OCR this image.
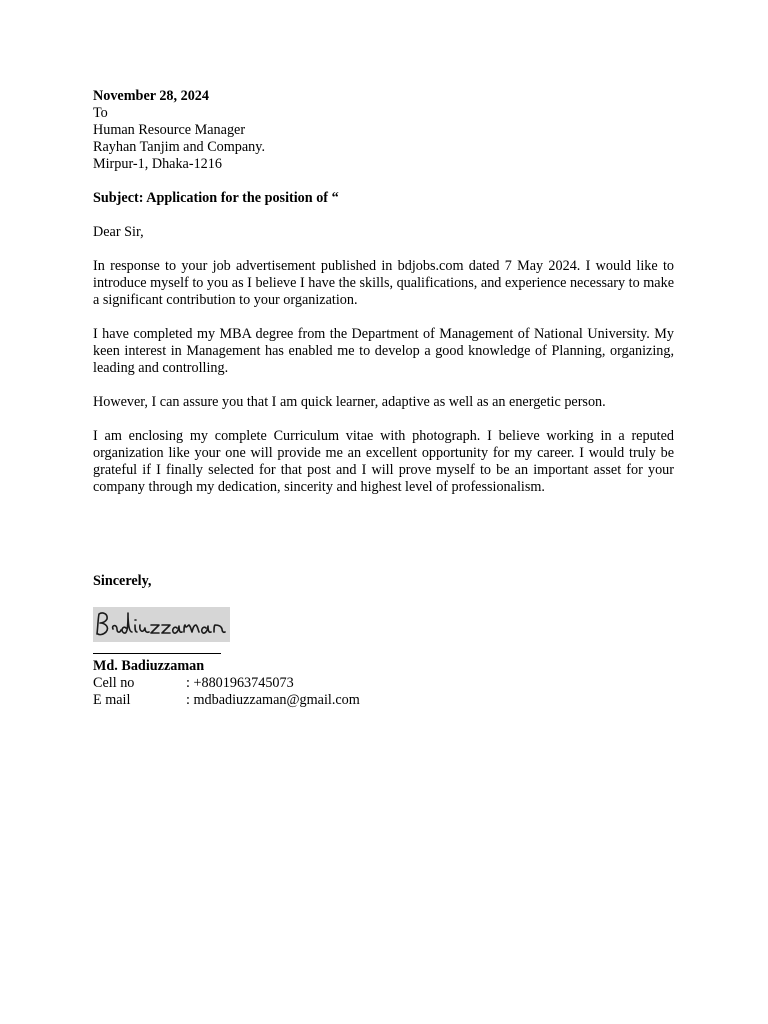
November 28, 2024
To
Human Resource Manager
Rayhan Tanjim and Company.
Mirpur-1, Dhaka-1216
Subject: Application for the position of “
Dear Sir,

In response to your job advertisement published in bdjobs.com dated 7 May 2024. I would like to introduce myself to you as I believe I have the skills, qualifications, and experience necessary to make a significant contribution to your organization.

I have completed my MBA degree from the Department of Management of National University. My keen interest in Management has enabled me to develop a good knowledge of Planning, organizing, leading and controlling.

However, I can assure you that I am quick learner, adaptive as well as an energetic person.

I am enclosing my complete Curriculum vitae with photograph. I believe working in a reputed organization like your one will provide me an excellent opportunity for my career. I would truly be grateful if I finally selected for that post and I will prove myself to be an important asset for your company through my dedication, sincerity and highest level of professionalism.

Sincerely,
Md. Badiuzzaman
Cell no	: +8801963745073
E mail	: mdbadiuzzaman@gmail.com
